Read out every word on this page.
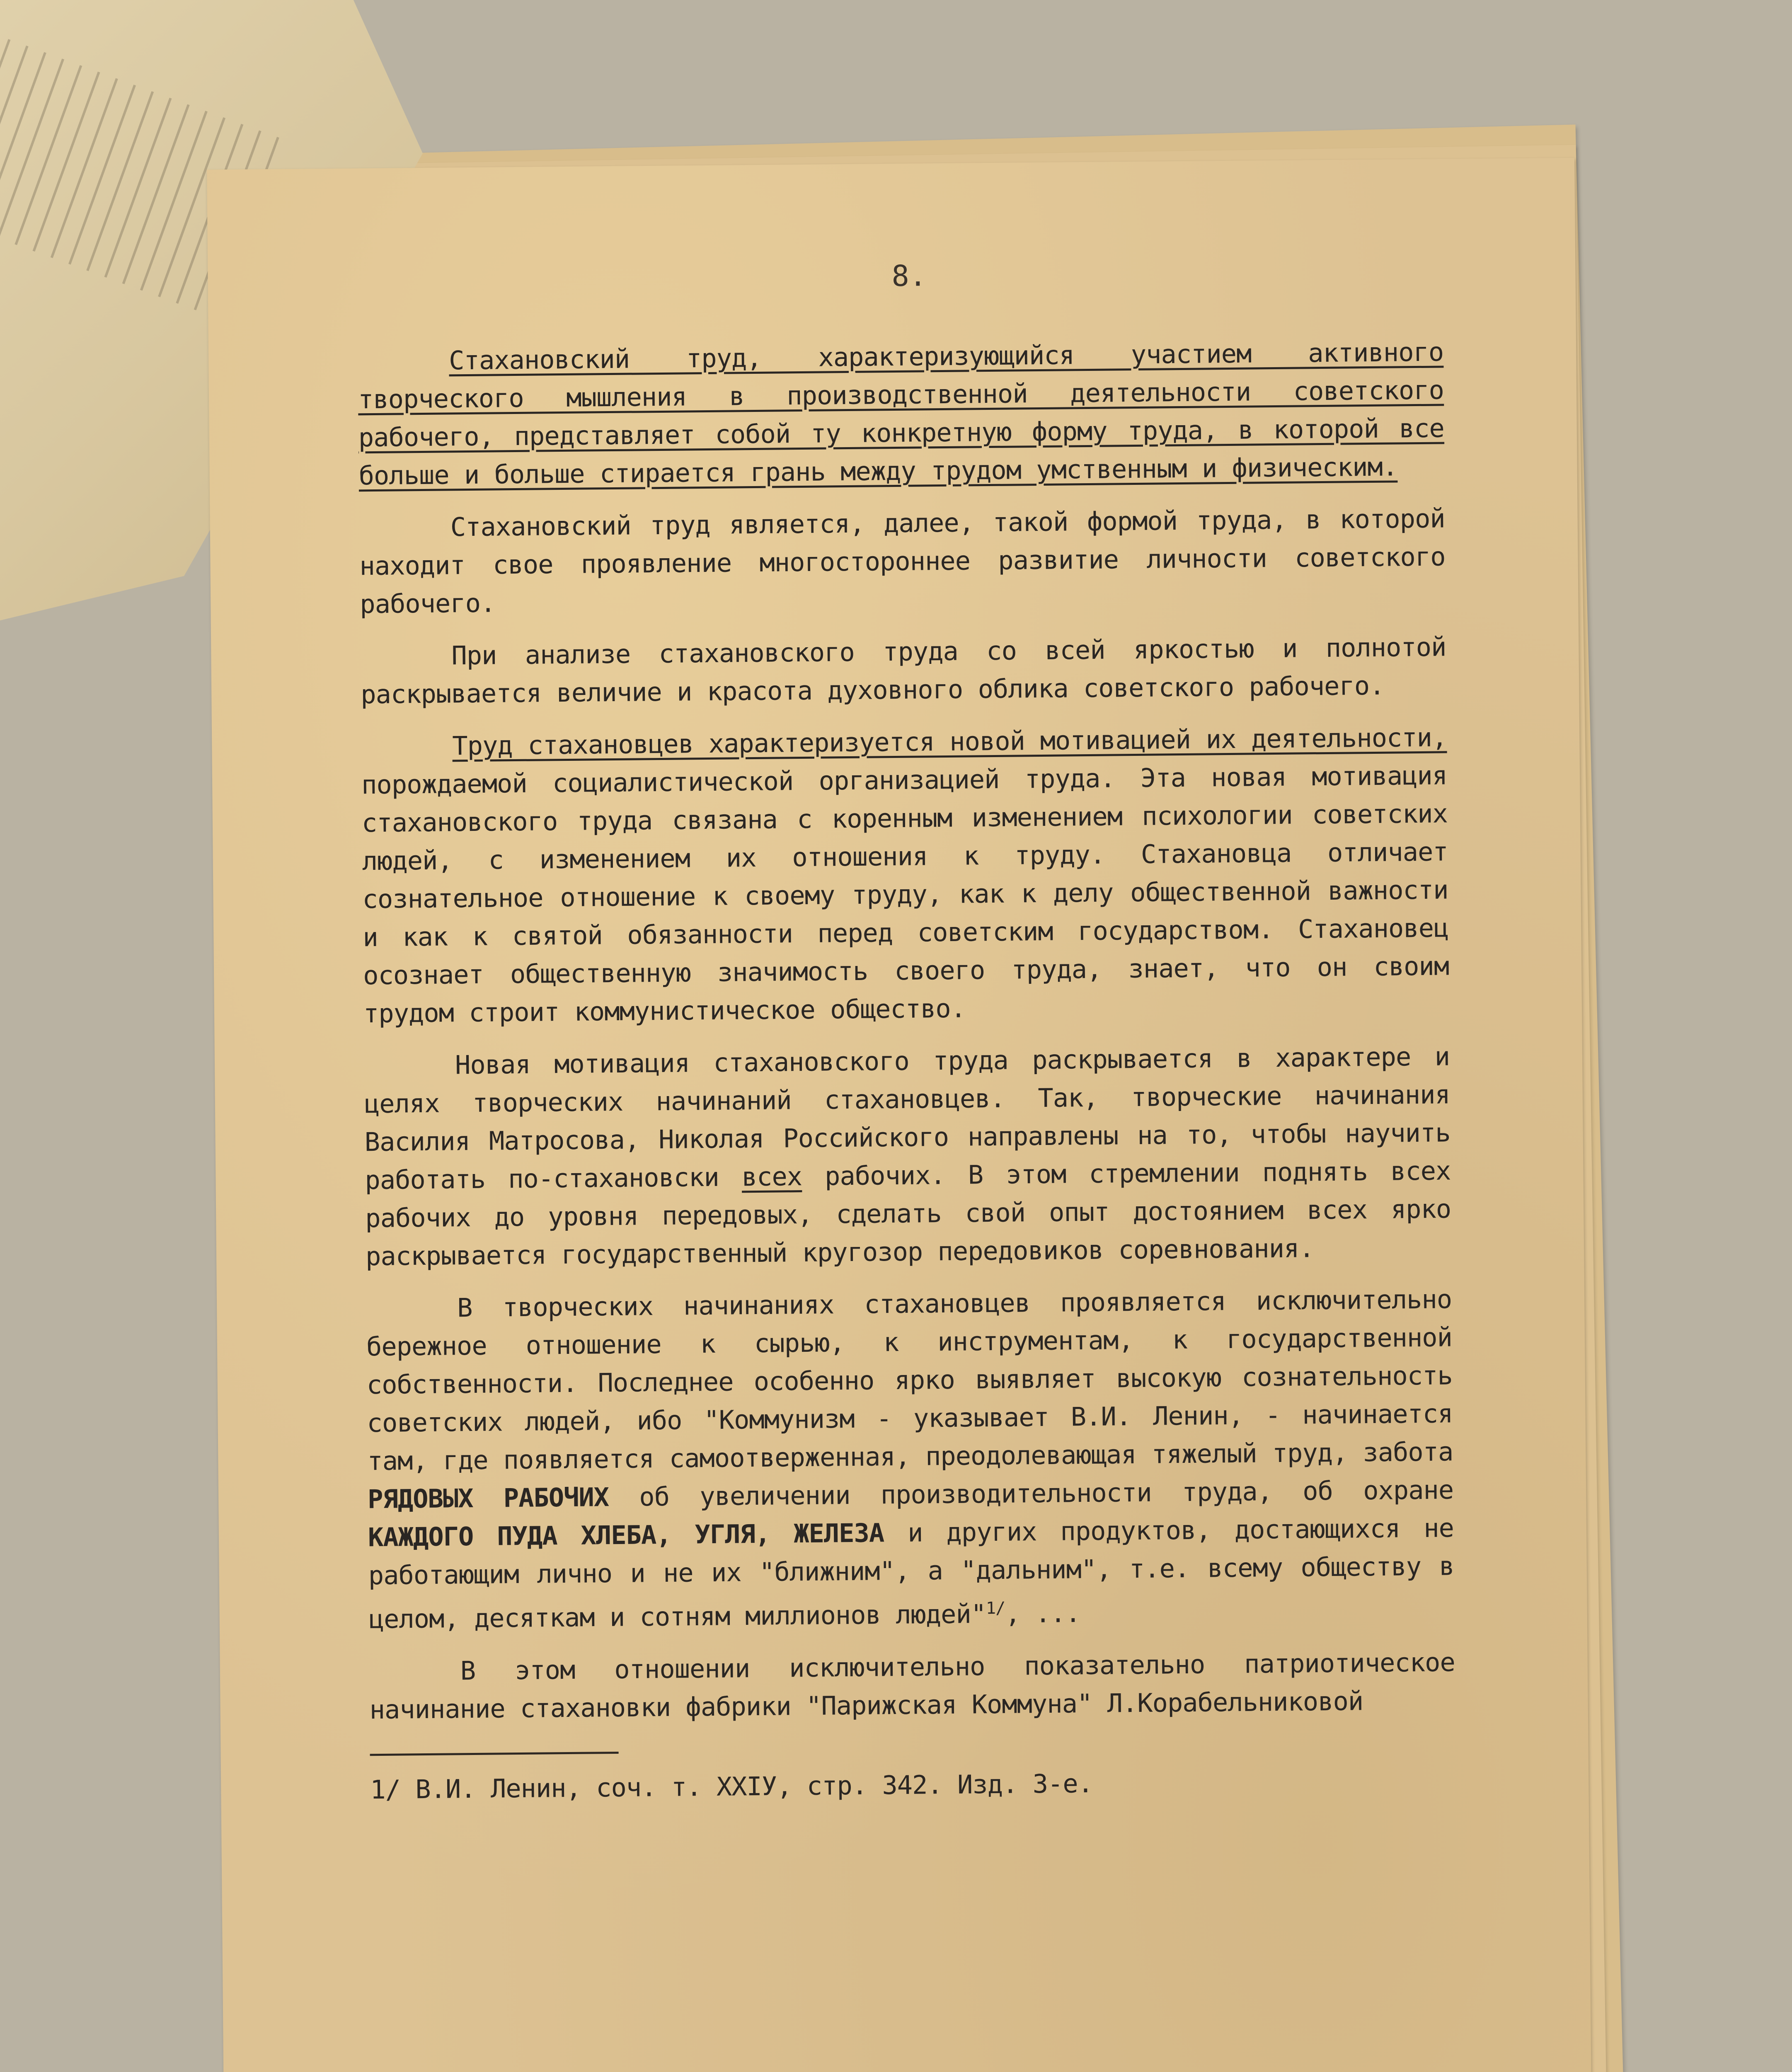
8.

Стахановский труд, характеризующийся участием активного творческого мышления в производственной деятельности советского рабочего, представляет собой ту конкретную форму труда, в которой все больше и больше стирается грань между трудом умственным и физическим.

Стахановский труд является, далее, такой формой труда, в которой находит свое проявление многостороннее развитие личности советского рабочего.

При анализе стахановского труда со всей яркостью и полнотой раскрывается величие и красота духовного облика советского рабочего.

Труд стахановцев характеризуется новой мотивацией их деятельности, порождаемой социалистической организацией труда. Эта новая мотивация стахановского труда связана с коренным изменением психологии советских людей, с изменением их отношения к труду. Стахановца отличает сознательное отношение к своему труду, как к делу общественной важности и как к святой обязанности перед советским государством. Стахановец осознает общественную значимость своего труда, знает, что он своим трудом строит коммунистическое общество.

Новая мотивация стахановского труда раскрывается в характере и целях творческих начинаний стахановцев. Так, творческие начинания Василия Матросова, Николая Российского направлены на то, чтобы научить работать по-стахановски всех рабочих. В этом стремлении поднять всех рабочих до уровня передовых, сделать свой опыт достоянием всех ярко раскрывается государственный кругозор передовиков соревнования.

В творческих начинаниях стахановцев проявляется исключительно бережное отношение к сырью, к инструментам, к государственной собственности. Последнее особенно ярко выявляет высокую сознательность советских людей, ибо "Коммунизм - указывает В.И. Ленин, - начинается там, где появляется самоотверженная, преодолевающая тяжелый труд, забота РЯДОВЫХ РАБОЧИХ об увеличении производительности труда, об охране КАЖДОГО ПУДА ХЛЕБА, УГЛЯ, ЖЕЛЕЗА и других продуктов, достающихся не работающим лично и не их "ближним", а "дальним", т.е. всему обществу в целом, десяткам и сотням миллионов людей"$^{1/}$, ...

В этом отношении исключительно показательно патриотическое начинание стахановки фабрики "Парижская Коммуна" Л.Корабельниковой

1/ В.И. Ленин, соч. т. ХХIУ, стр. 342. Изд. 3-е.
